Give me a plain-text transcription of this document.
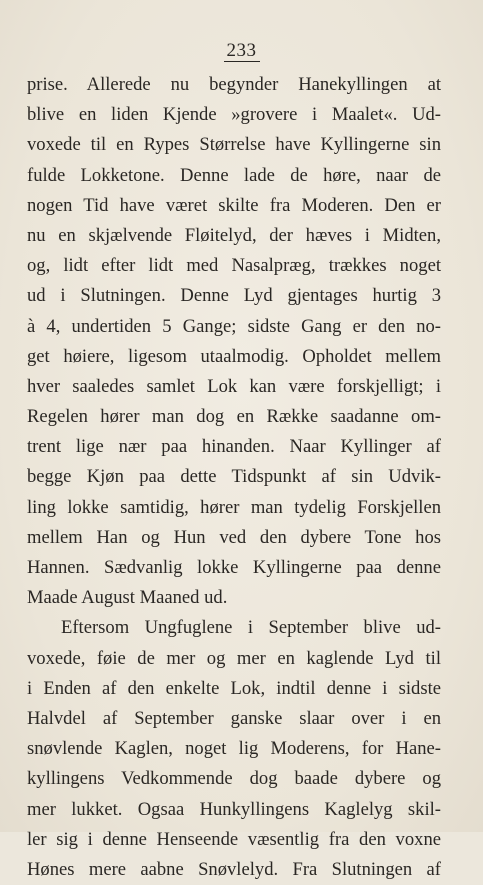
233
prise. Allerede nu begynder Hanekyllingen at
blive en liden Kjende »grovere i Maalet«. Ud-
voxede til en Rypes Størrelse have Kyllingerne sin
fulde Lokketone. Denne lade de høre, naar de
nogen Tid have været skilte fra Moderen. Den er
nu en skjælvende Fløitelyd, der hæves i Midten,
og, lidt efter lidt med Nasalpræg, trækkes noget
ud i Slutningen. Denne Lyd gjentages hurtig 3
à 4, undertiden 5 Gange; sidste Gang er den no-
get høiere, ligesom utaalmodig. Opholdet mellem
hver saaledes samlet Lok kan være forskjelligt; i
Regelen hører man dog en Række saadanne om-
trent lige nær paa hinanden. Naar Kyllinger af
begge Kjøn paa dette Tidspunkt af sin Udvik-
ling lokke samtidig, hører man tydelig Forskjellen
mellem Han og Hun ved den dybere Tone hos
Hannen. Sædvanlig lokke Kyllingerne paa denne
Maade August Maaned ud.
Eftersom Ungfuglene i September blive ud-
voxede, føie de mer og mer en kaglende Lyd til
i Enden af den enkelte Lok, indtil denne i sidste
Halvdel af September ganske slaar over i en
snøvlende Kaglen, noget lig Moderens, for Hane-
kyllingens Vedkommende dog baade dybere og
mer lukket. Ogsaa Hunkyllingens Kaglelyg skil-
ler sig i denne Henseende væsentlig fra den voxne
Hønes mere aabne Snøvlelyd. Fra Slutningen af
